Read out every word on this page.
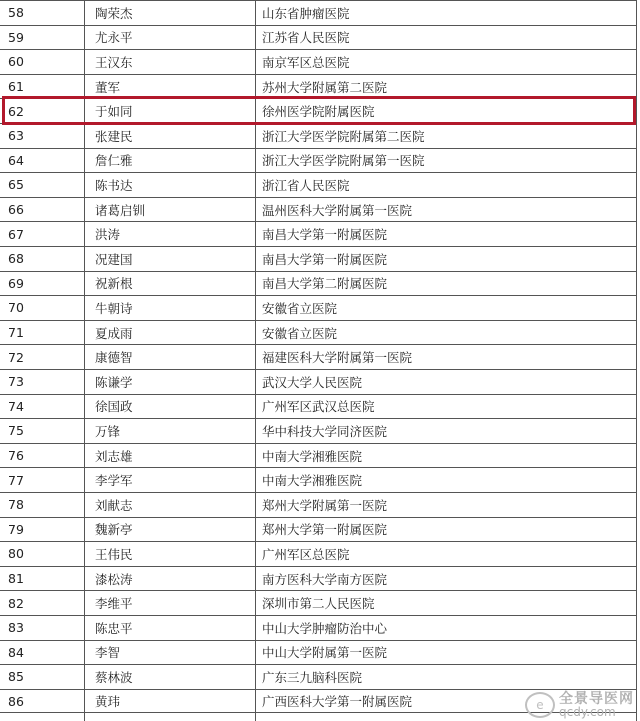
58	陶荣杰	山东省肿瘤医院
59	尤永平	江苏省人民医院
60	王汉东	南京军区总医院
61	董军	苏州大学附属第二医院
62	于如同	徐州医学院附属医院
63	张建民	浙江大学医学院附属第二医院
64	詹仁雅	浙江大学医学院附属第一医院
65	陈书达	浙江省人民医院
66	诸葛启钏	温州医科大学附属第一医院
67	洪涛	南昌大学第一附属医院
68	况建国	南昌大学第一附属医院
69	祝新根	南昌大学第二附属医院
70	牛朝诗	安徽省立医院
71	夏成雨	安徽省立医院
72	康德智	福建医科大学附属第一医院
73	陈谦学	武汉大学人民医院
74	徐国政	广州军区武汉总医院
75	万锋	华中科技大学同济医院
76	刘志雄	中南大学湘雅医院
77	李学军	中南大学湘雅医院
78	刘献志	郑州大学附属第一医院
79	魏新亭	郑州大学第一附属医院
80	王伟民	广州军区总医院
81	漆松涛	南方医科大学南方医院
82	李维平	深圳市第二人民医院
83	陈忠平	中山大学肿瘤防治中心
84	李智	中山大学附属第一医院
85	蔡林波	广东三九脑科医院
86	黄玮	广西医科大学第一附属医院	e	全景导医网
qcdy.com
